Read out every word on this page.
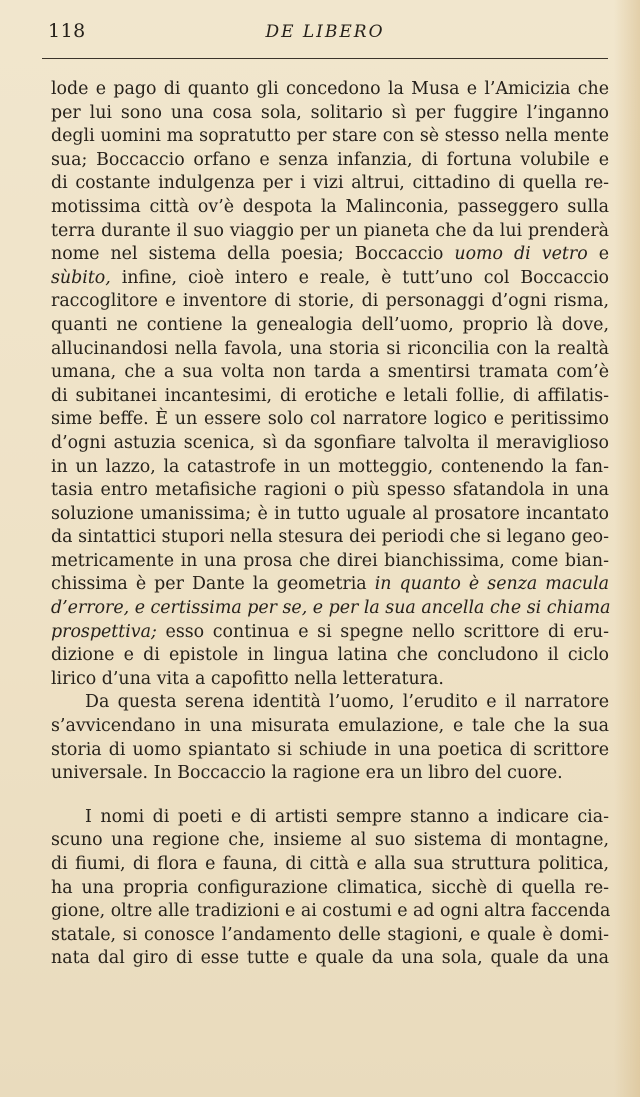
118	DE LIBERO
lode e pago di quanto gli concedono la Musa e l’Amicizia che
per lui sono una cosa sola, solitario sì per fuggire l’inganno
degli uomini ma sopratutto per stare con sè stesso nella mente
sua; Boccaccio orfano e senza infanzia, di fortuna volubile e
di costante indulgenza per i vizi altrui, cittadino di quella re-
motissima città ov’è despota la Malinconia, passeggero sulla
terra durante il suo viaggio per un pianeta che da lui prenderà
nome nel sistema della poesia; Boccaccio uomo di vetro e
sùbito, infine, cioè intero e reale, è tutt’uno col Boccaccio
raccoglitore e inventore di storie, di personaggi d’ogni risma,
quanti ne contiene la genealogia dell’uomo, proprio là dove,
allucinandosi nella favola, una storia si riconcilia con la realtà
umana, che a sua volta non tarda a smentirsi tramata com’è
di subitanei incantesimi, di erotiche e letali follie, di affilatis-
sime beffe. È un essere solo col narratore logico e peritissimo
d’ogni astuzia scenica, sì da sgonfiare talvolta il meraviglioso
in un lazzo, la catastrofe in un motteggio, contenendo la fan-
tasia entro metafisiche ragioni o più spesso sfatandola in una
soluzione umanissima; è in tutto uguale al prosatore incantato
da sintattici stupori nella stesura dei periodi che si legano geo-
metricamente in una prosa che direi bianchissima, come bian-
chissima è per Dante la geometria in quanto è senza macula
d’errore, e certissima per se, e per la sua ancella che si chiama
prospettiva; esso continua e si spegne nello scrittore di eru-
dizione e di epistole in lingua latina che concludono il ciclo
lirico d’una vita a capofitto nella letteratura.
Da questa serena identità l’uomo, l’erudito e il narratore
s’avvicendano in una misurata emulazione, e tale che la sua
storia di uomo spiantato si schiude in una poetica di scrittore
universale. In Boccaccio la ragione era un libro del cuore.
I nomi di poeti e di artisti sempre stanno a indicare cia-
scuno una regione che, insieme al suo sistema di montagne,
di fiumi, di flora e fauna, di città e alla sua struttura politica,
ha una propria configurazione climatica, sicchè di quella re-
gione, oltre alle tradizioni e ai costumi e ad ogni altra faccenda
statale, si conosce l’andamento delle stagioni, e quale è domi-
nata dal giro di esse tutte e quale da una sola, quale da una
